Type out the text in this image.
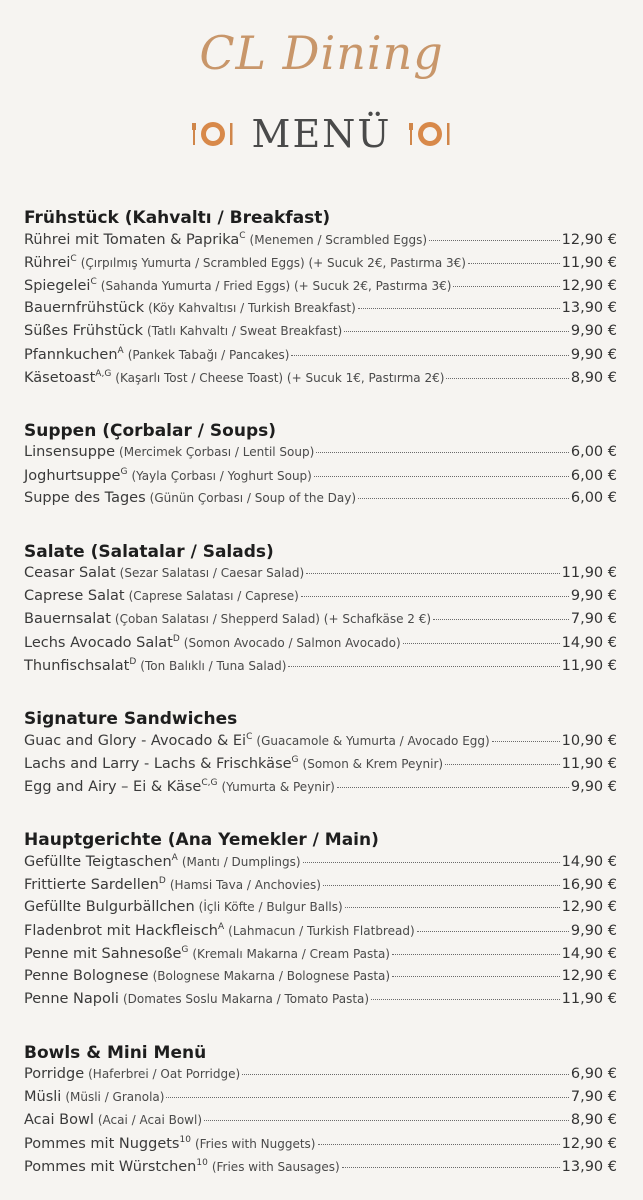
CL Dining
MENÜ
Frühstück (Kahvaltı / Breakfast)
Rührei mit Tomaten & Paprika$^C$ (Menemen / Scrambled Eggs)	12,90 €
Rührei$^C$ (Çırpılmış Yumurta / Scrambled Eggs) (+ Sucuk 2€, Pastırma 3€)	11,90 €
Spiegelei$^C$ (Sahanda Yumurta / Fried Eggs) (+ Sucuk 2€, Pastırma 3€)	12,90 €
Bauernfrühstück (Köy Kahvaltısı / Turkish Breakfast)	13,90 €
Süßes Frühstück (Tatlı Kahvaltı / Sweat Breakfast)	9,90 €
Pfannkuchen$^A$ (Pankek Tabağı / Pancakes)	9,90 €
Käsetoast$^{A,G}$ (Kaşarlı Tost / Cheese Toast) (+ Sucuk 1€, Pastırma 2€)	8,90 €
Suppen (Çorbalar / Soups)
Linsensuppe (Mercimek Çorbası / Lentil Soup)	6,00 €
Joghurtsuppe$^G$ (Yayla Çorbası / Yoghurt Soup)	6,00 €
Suppe des Tages (Günün Çorbası / Soup of the Day)	6,00 €
Salate (Salatalar / Salads)
Ceasar Salat (Sezar Salatası / Caesar Salad)	11,90 €
Caprese Salat (Caprese Salatası / Caprese)	9,90 €
Bauernsalat (Çoban Salatası / Shepperd Salad) (+ Schafkäse 2 €)	7,90 €
Lechs Avocado Salat$^D$ (Somon Avocado / Salmon Avocado)	14,90 €
Thunfischsalat$^D$ (Ton Balıklı / Tuna Salad)	11,90 €
Signature Sandwiches
Guac and Glory - Avocado & $Ei^C$ (Guacamole & Yumurta / Avocado Egg)	10,90 €
Lachs and Larry - Lachs & Frischkäse$^G$ (Somon & Krem Peynir)	11,90 €
Egg and Airy – Ei & Käse$^{C,G}$ (Yumurta & Peynir)	9,90 €
Hauptgerichte (Ana Yemekler / Main)
Gefüllte Teigtaschen$^A$ (Mantı / Dumplings)	14,90 €
Frittierte Sardellen$^D$ (Hamsi Tava / Anchovies)	16,90 €
Gefüllte Bulgurbällchen (İçli Köfte / Bulgur Balls)	12,90 €
Fladenbrot mit Hackfleisch$^A$ (Lahmacun / Turkish Flatbread)	9,90 €
Penne mit Sahnesoße$^G$ (Kremalı Makarna / Cream Pasta)	14,90 €
Penne Bolognese (Bolognese Makarna / Bolognese Pasta)	12,90 €
Penne Napoli (Domates Soslu Makarna / Tomato Pasta)	11,90 €
Bowls & Mini Menü
Porridge (Haferbrei / Oat Porridge)	6,90 €
Müsli (Müsli / Granola)	7,90 €
Acai Bowl (Acai / Acai Bowl)	8,90 €
Pommes mit Nuggets$^{10}$ (Fries with Nuggets)	12,90 €
Pommes mit Würstchen$^{10}$ (Fries with Sausages)	13,90 €
